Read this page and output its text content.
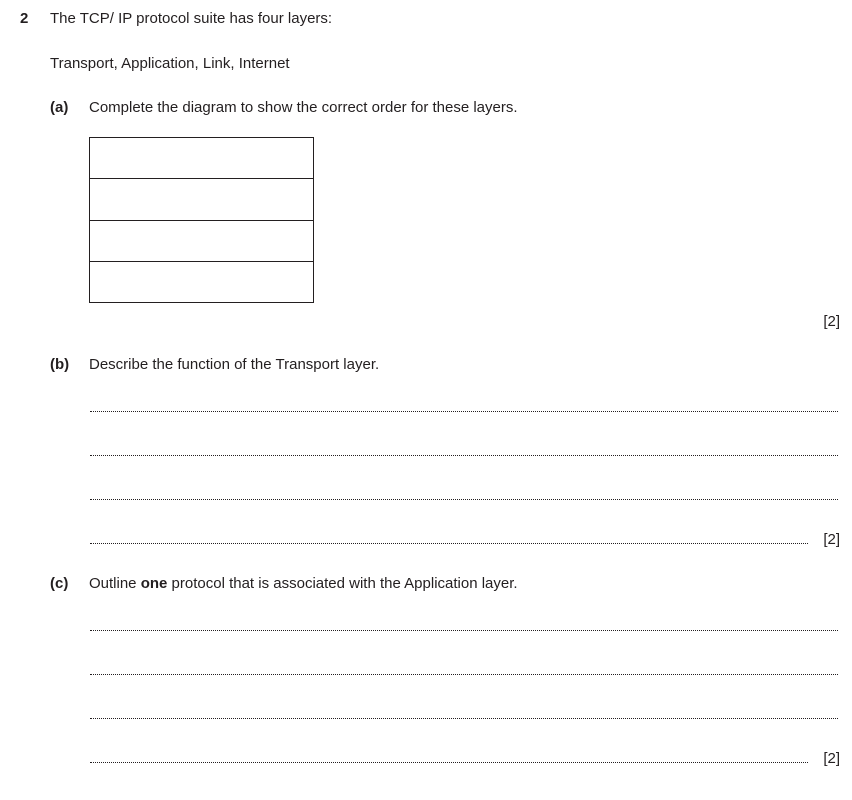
2 The TCP/ IP protocol suite has four layers:
Transport, Application, Link, Internet
(a) Complete the diagram to show the correct order for these layers.
[2]
(b) Describe the function of the Transport layer.
[2]
(c) Outline one protocol that is associated with the Application layer.
[2]
